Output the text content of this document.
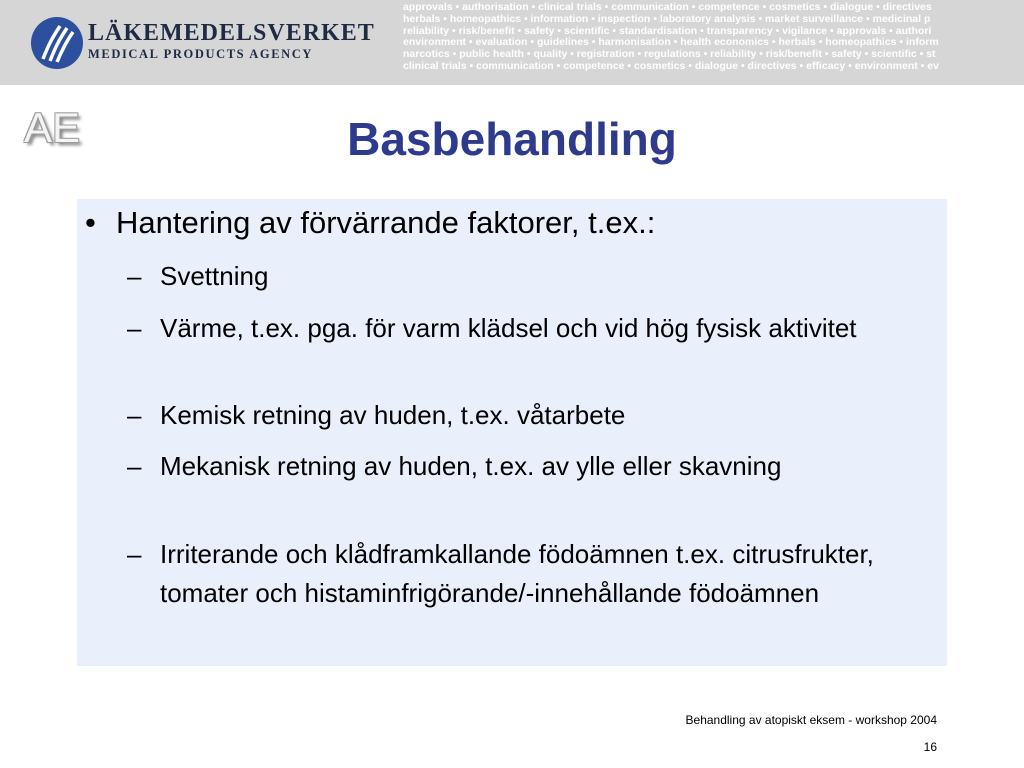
LÄKEMEDELSVERKET
MEDICAL PRODUCTS AGENCY
approvals • authorisation • clinical trials • communication • competence • cosmetics • dialogue • directives
herbals • homeopathics • information • inspection • laboratory analysis • market surveillance • medicinal p
reliability • risk/benefit • safety • scientific • standardisation • transparency • vigilance • approvals • authori
environment • evaluation • guidelines • harmonisation • health economics • herbals • homeopathics • inform
narcotics • public health • quality • registration • regulations • reliability • risk/benefit • safety • scientific • st
clinical trials • communication • competence • cosmetics • dialogue • directives • efficacy • environment • ev
AE	Basbehandling
• Hantering av förvärrande faktorer, t.ex.:
– Svettning
– Värme, t.ex. pga. för varm klädsel och vid hög fysisk aktivitet
– Kemisk retning av huden, t.ex. våtarbete
– Mekanisk retning av huden, t.ex. av ylle eller skavning
– Irriterande och klådframkallande födoämnen t.ex. citrusfrukter, tomater och histaminfrigörande/-innehållande födoämnen
Behandling av atopiskt eksem - workshop 2004
16
